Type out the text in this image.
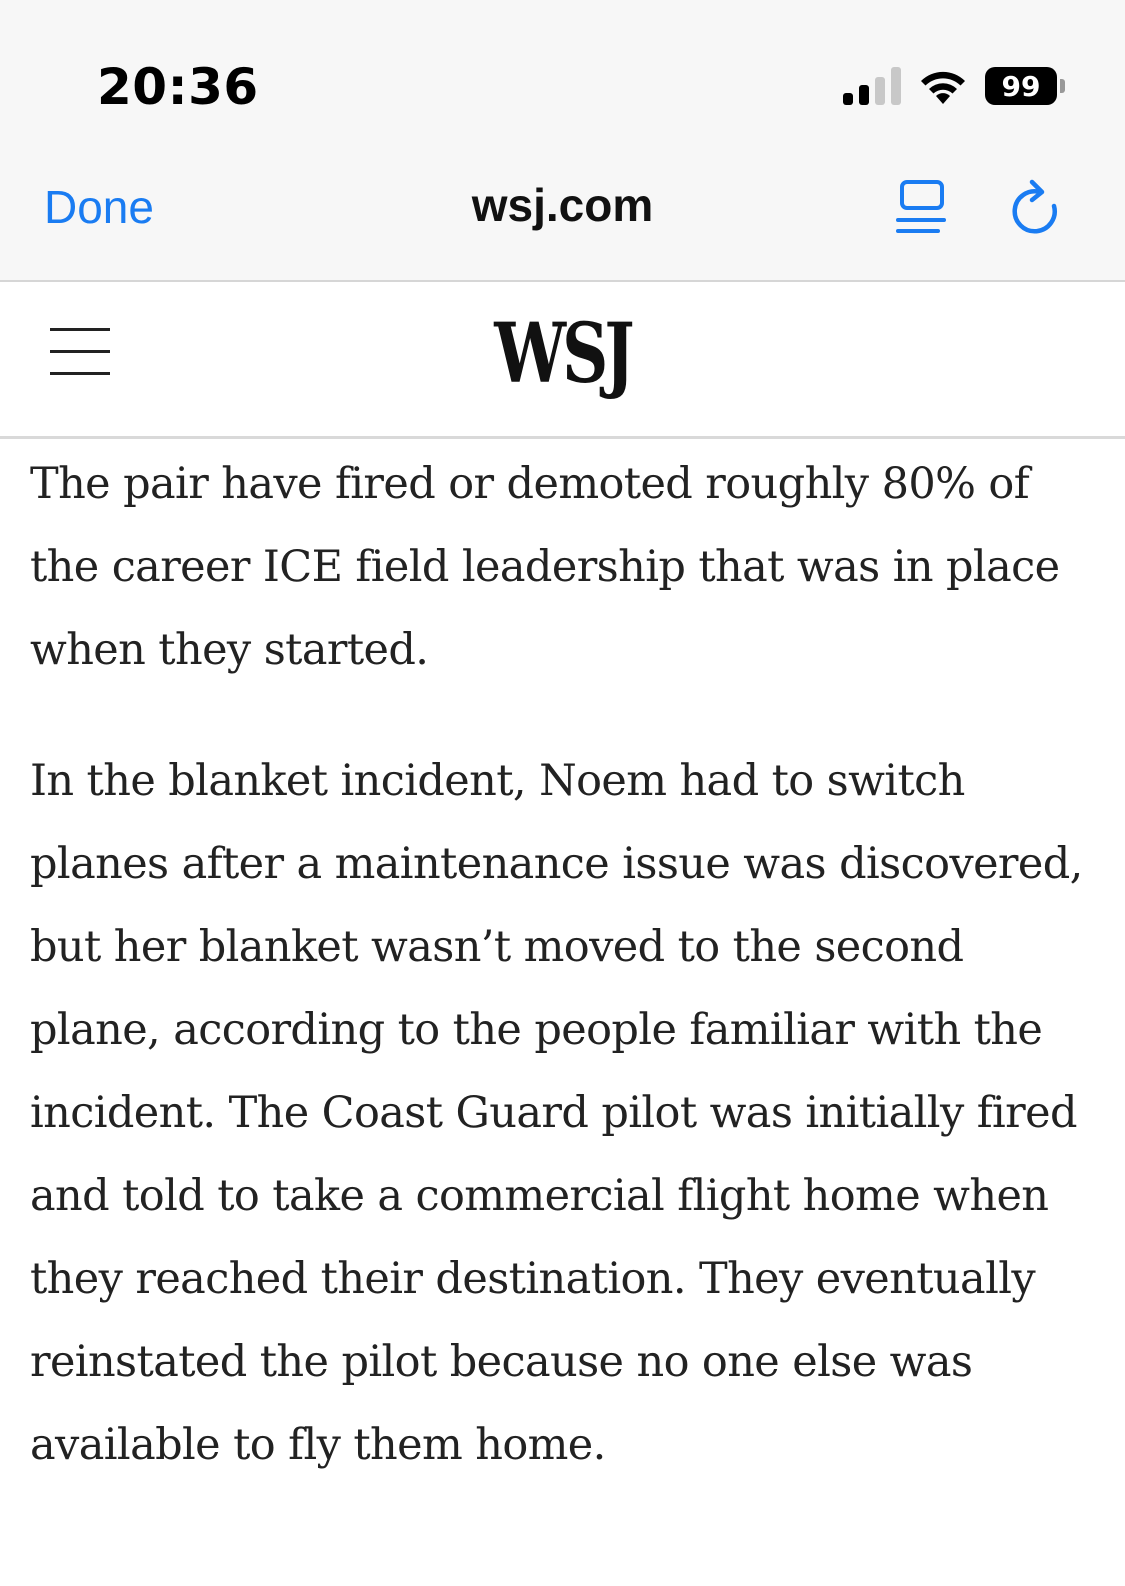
20:36	99
Done	wsj.com
WSJ

The pair have fired or demoted roughly 80% of the career ICE field leadership that was in place when they started.

In the blanket incident, Noem had to switch planes after a maintenance issue was discovered, but her blanket wasn’t moved to the second plane, according to the people familiar with the incident. The Coast Guard pilot was initially fired and told to take a commercial flight home when they reached their destination. They eventually reinstated the pilot because no one else was available to fly them home.
